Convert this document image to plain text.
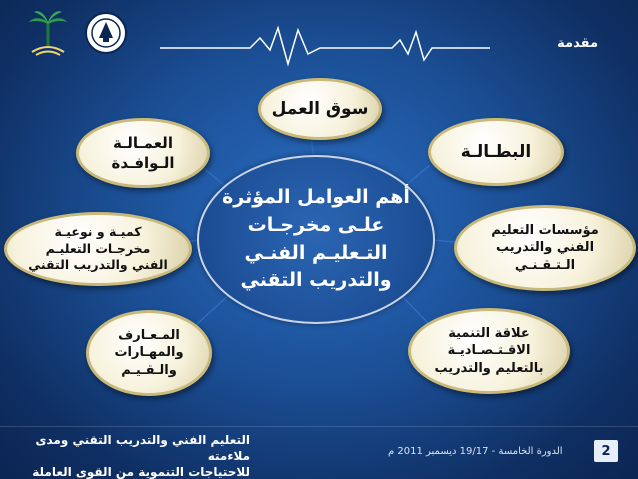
مقدمة
أهم العوامل المؤثرة
علـى مخرجـات
التـعليـم الفنـي
والتدريب التقني
سوق العمل
العمـالـة
الـوافـدة
البطـالـة
كميـة و نوعيـة
مخرجـات التعليـم
الفني والتدريب التقني
مؤسسات التعليم
الفني والتدريب
الـتـقـنـي
المـعـارف
والمهـارات
والـقـيـم
علاقة التنمية
الاقـتـصـاديـة
بالتعليم والتدريب
التعليم الفني والتدريب التقني ومدى ملاءمته
للاحتياجات التنموية من القوى العاملة
الدورة الخامسة - 19/17 ديسمبر 2011 م	2
